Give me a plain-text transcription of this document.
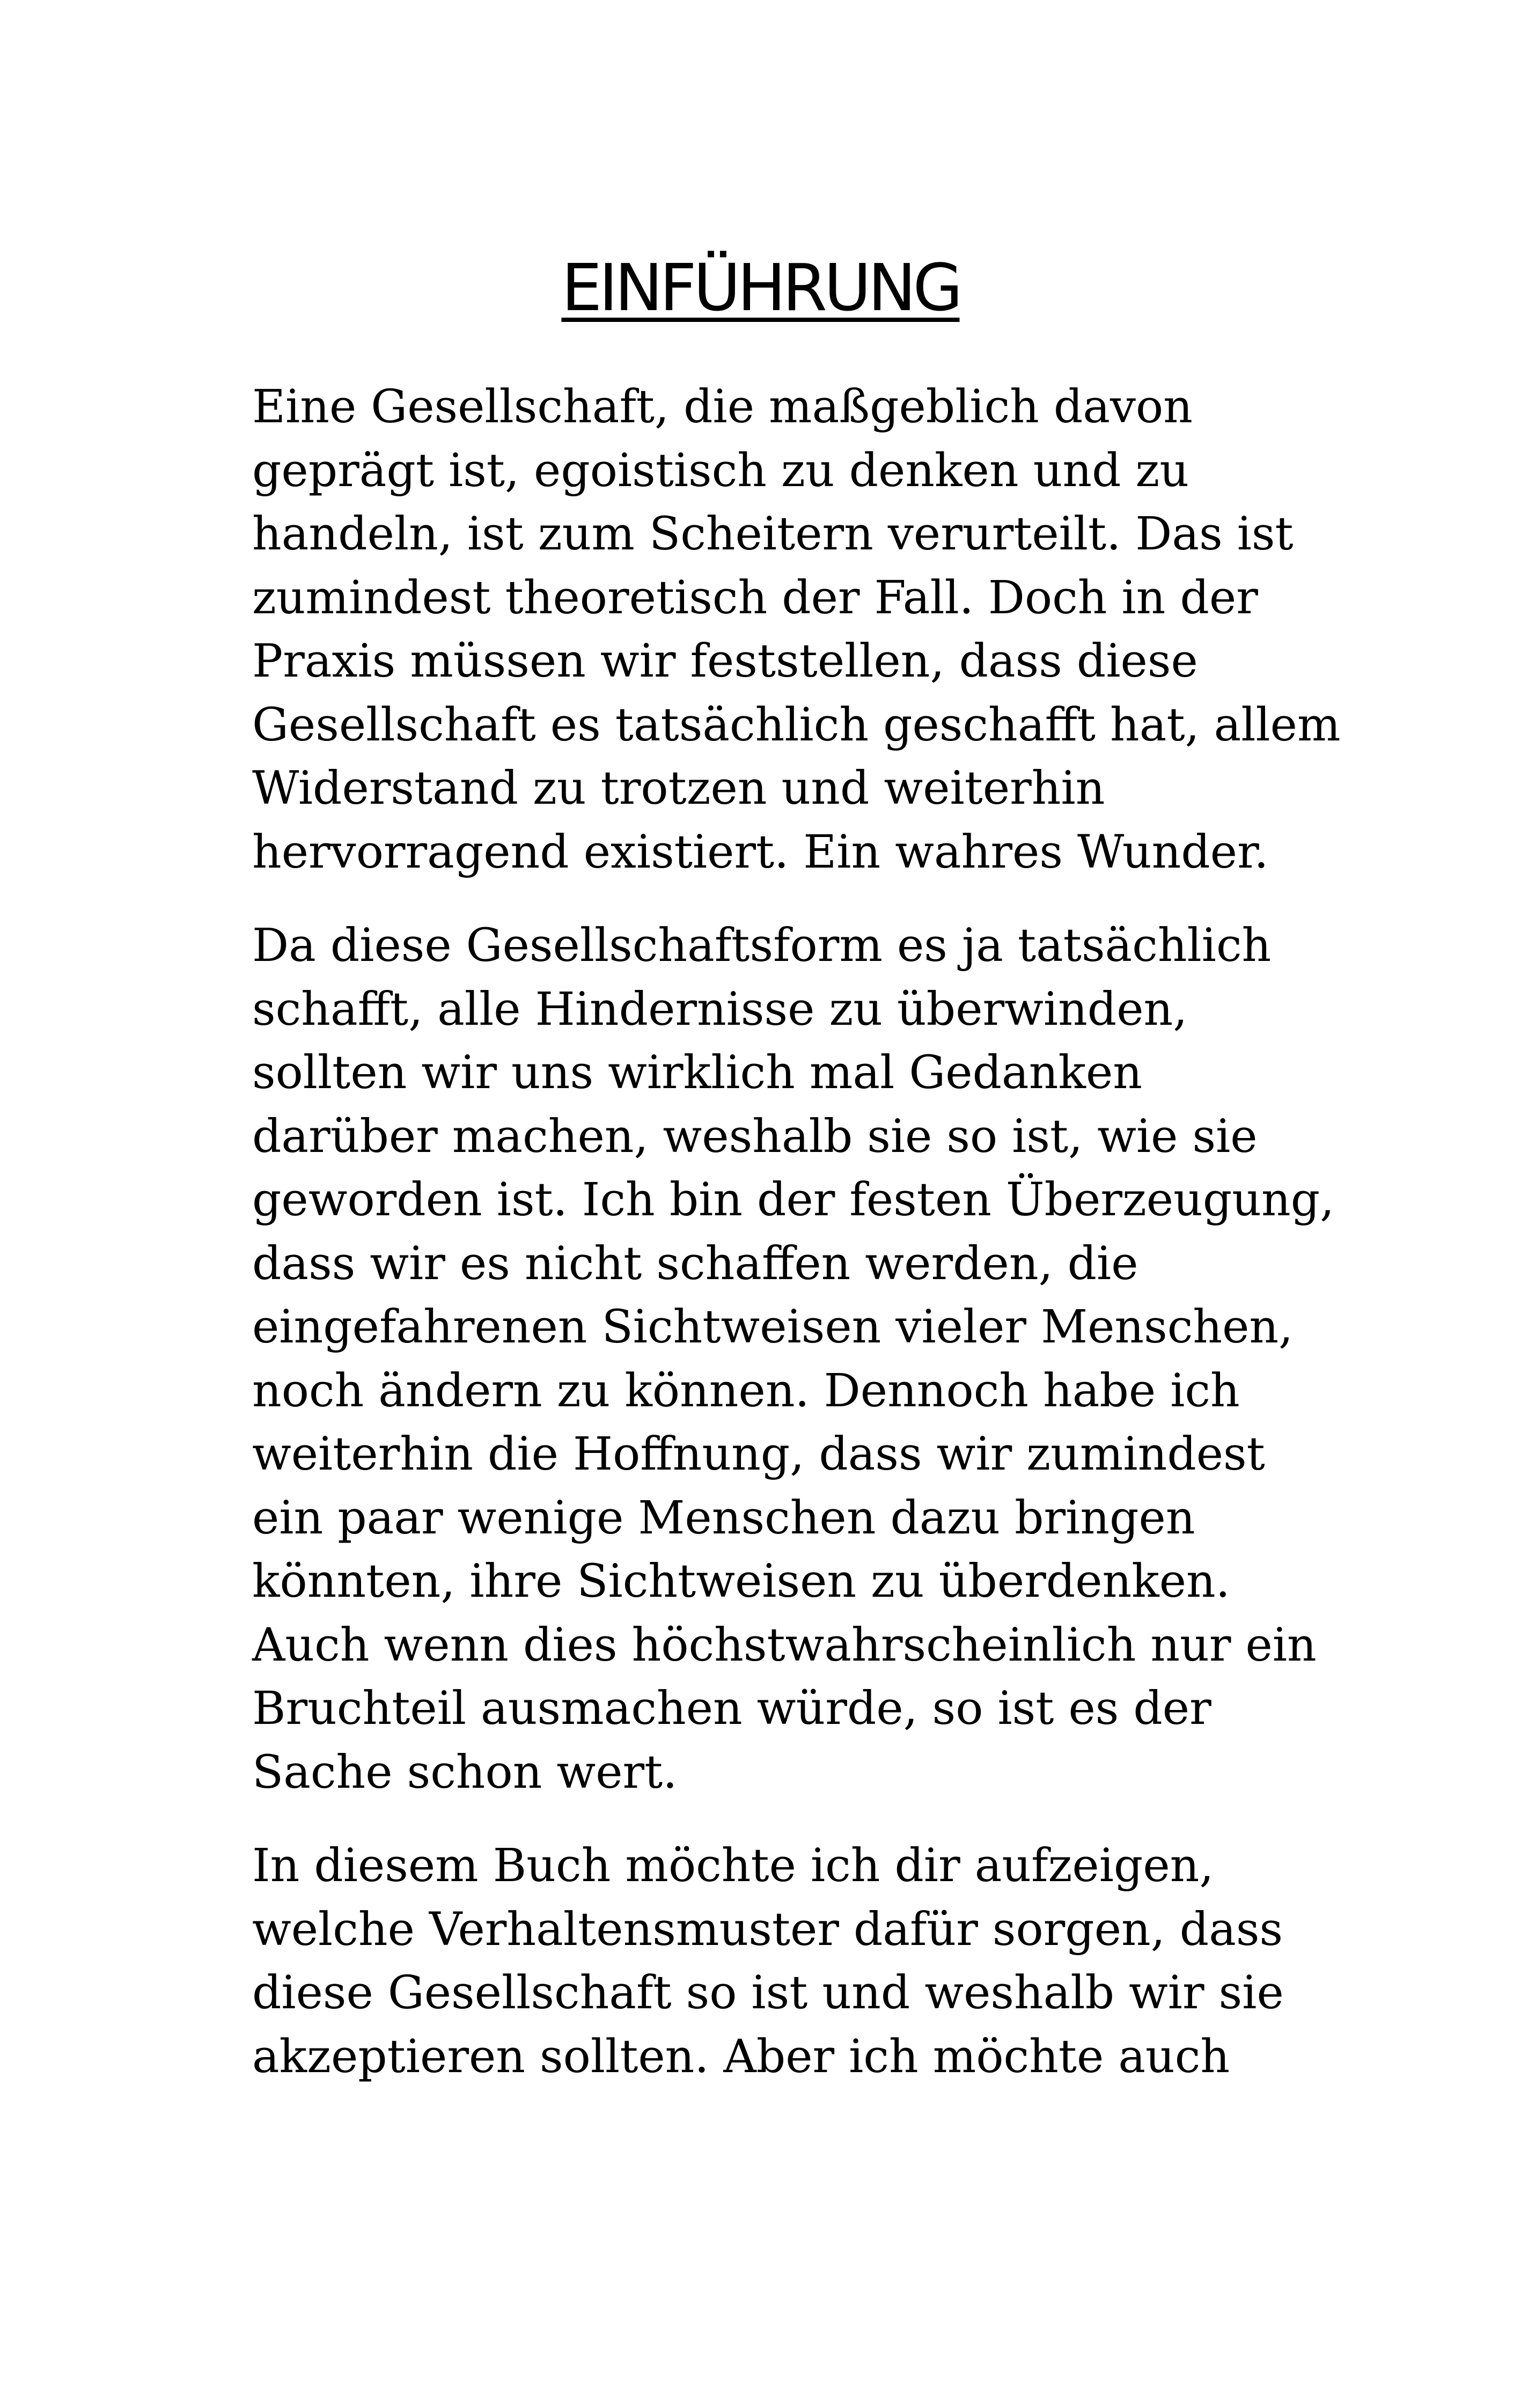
EINFÜHRUNG

Eine Gesellschaft, die maßgeblich davon
geprägt ist, egoistisch zu denken und zu
handeln, ist zum Scheitern verurteilt. Das ist
zumindest theoretisch der Fall. Doch in der
Praxis müssen wir feststellen, dass diese
Gesellschaft es tatsächlich geschafft hat, allem
Widerstand zu trotzen und weiterhin
hervorragend existiert. Ein wahres Wunder.

Da diese Gesellschaftsform es ja tatsächlich
schafft, alle Hindernisse zu überwinden,
sollten wir uns wirklich mal Gedanken
darüber machen, weshalb sie so ist, wie sie
geworden ist. Ich bin der festen Überzeugung,
dass wir es nicht schaffen werden, die
eingefahrenen Sichtweisen vieler Menschen,
noch ändern zu können. Dennoch habe ich
weiterhin die Hoffnung, dass wir zumindest
ein paar wenige Menschen dazu bringen
könnten, ihre Sichtweisen zu überdenken.
Auch wenn dies höchstwahrscheinlich nur ein
Bruchteil ausmachen würde, so ist es der
Sache schon wert.

In diesem Buch möchte ich dir aufzeigen,
welche Verhaltensmuster dafür sorgen, dass
diese Gesellschaft so ist und weshalb wir sie
akzeptieren sollten. Aber ich möchte auch
